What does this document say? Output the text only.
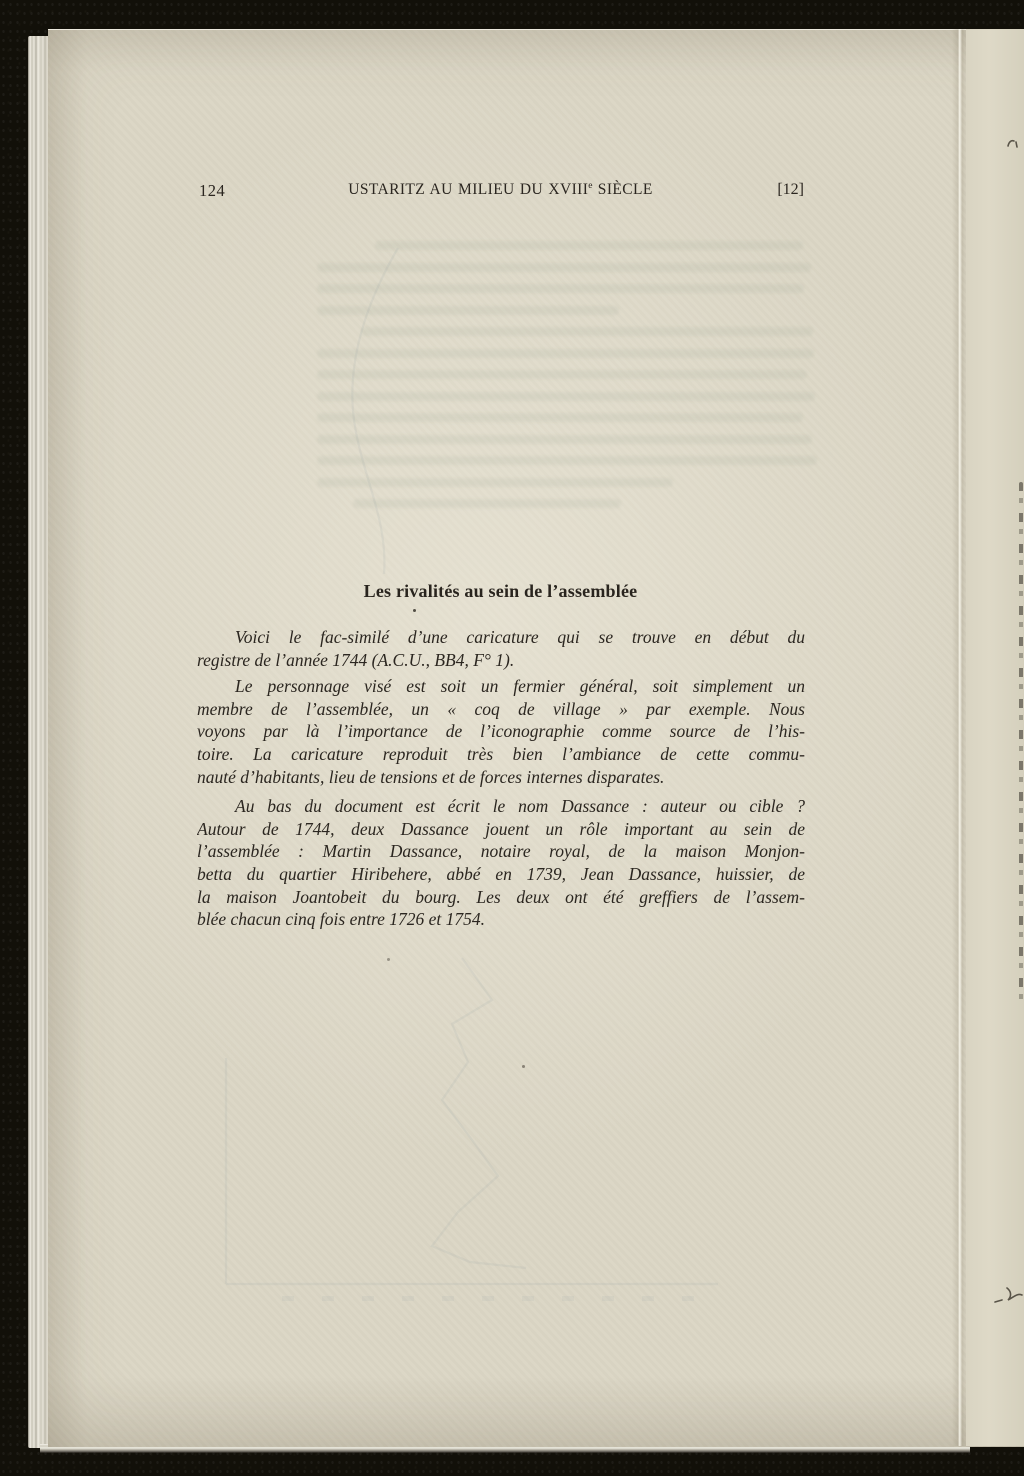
124	USTARITZ AU MILIEU DU XVIIIe SIÈCLE	[12]
Les rivalités au sein de l’assemblée
Voici le fac-similé d’une caricature qui se trouve en début du
registre de l’année 1744 (A.C.U., BB4, F° 1).
Le personnage visé est soit un fermier général, soit simplement un
membre de l’assemblée, un « coq de village » par exemple. Nous
voyons par là l’importance de l’iconographie comme source de l’his-
toire. La caricature reproduit très bien l’ambiance de cette commu-
nauté d’habitants, lieu de tensions et de forces internes disparates.
Au bas du document est écrit le nom Dassance : auteur ou cible ?
Autour de 1744, deux Dassance jouent un rôle important au sein de
l’assemblée : Martin Dassance, notaire royal, de la maison Monjon-
betta du quartier Hiribehere, abbé en 1739, Jean Dassance, huissier, de
la maison Joantobeit du bourg. Les deux ont été greffiers de l’assem-
blée chacun cinq fois entre 1726 et 1754.
